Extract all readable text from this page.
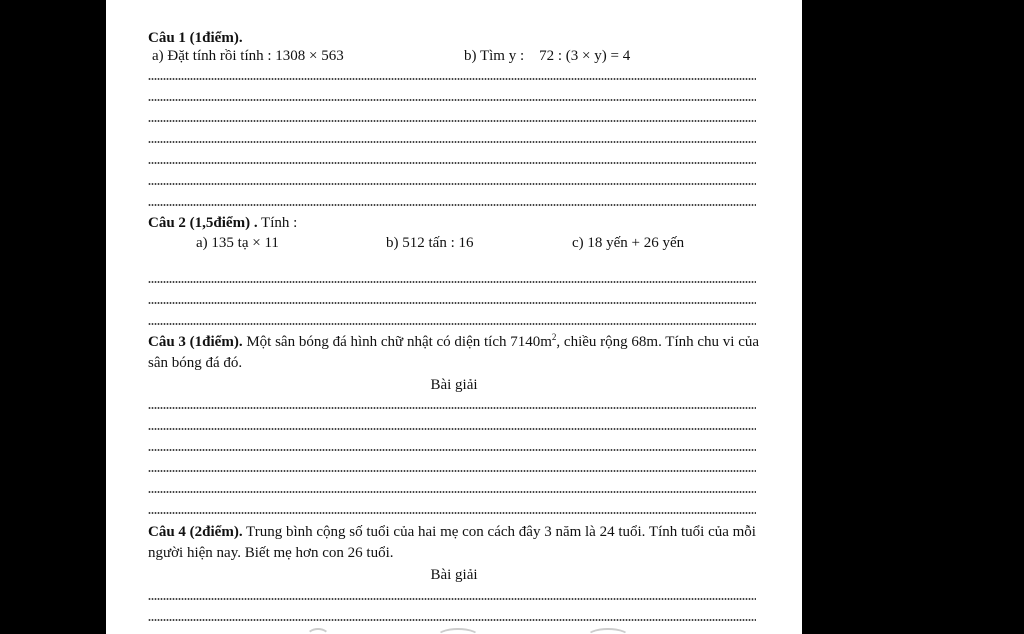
Câu 1 (1điểm).
a) Đặt tính rồi tính : 1308 × 563	b) Tìm y :    72 : (3 × y) = 4
Câu 2 (1,5điểm) . Tính :
a) 135 tạ × 11	b) 512 tấn : 16	c) 18 yến + 26 yến
Câu 3 (1điểm). Một sân bóng đá hình chữ nhật có diện tích $7140m^2$, chiều rộng 68m. Tính chu vi của sân bóng đá đó.
Bài giải
Câu 4 (2điểm). Trung bình cộng số tuổi của hai mẹ con cách đây 3 năm là 24 tuổi. Tính tuổi của mỗi người hiện nay. Biết mẹ hơn con 26 tuổi.
Bài giải
